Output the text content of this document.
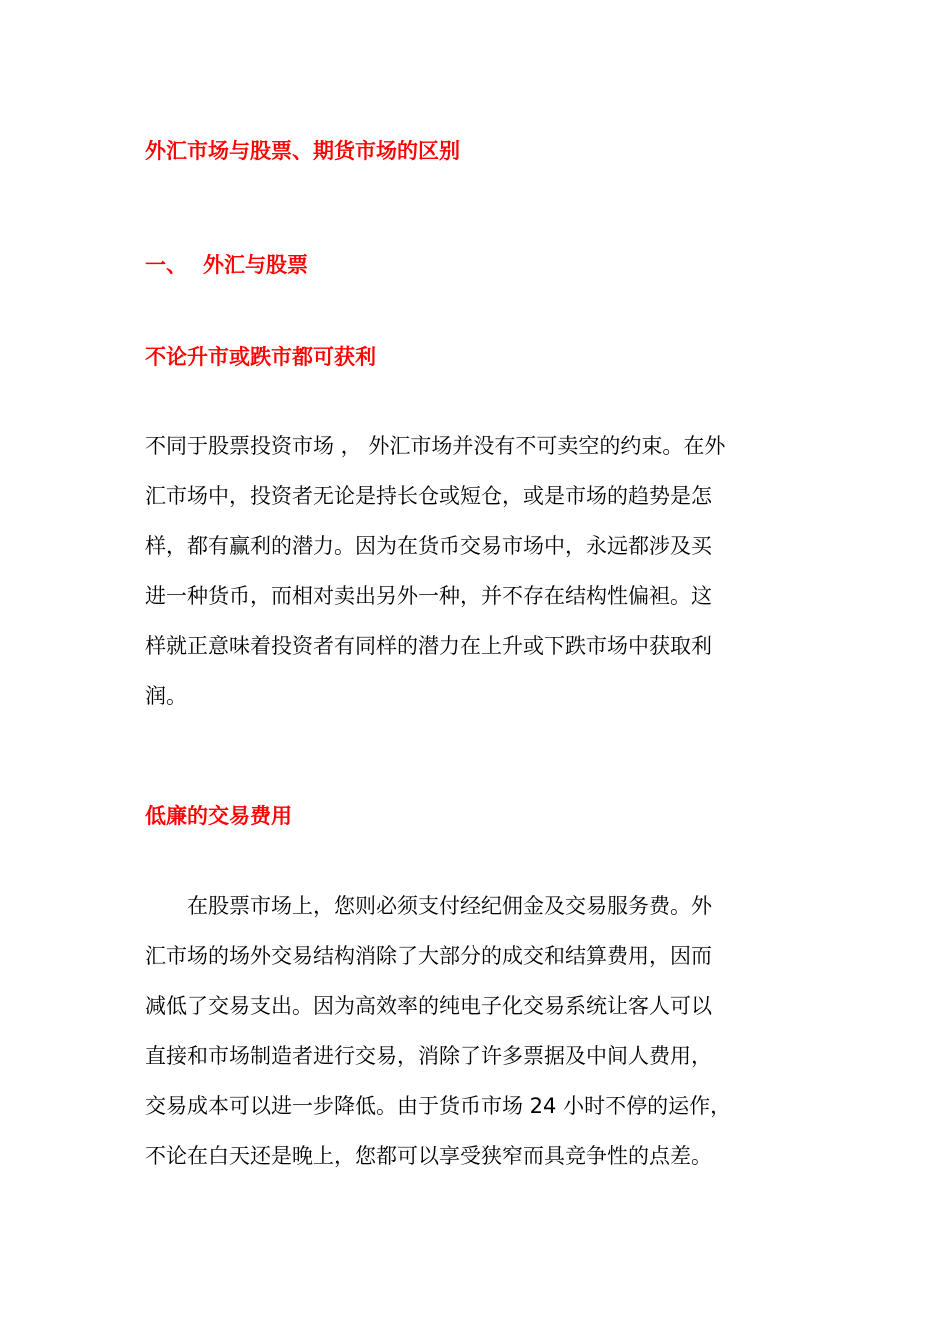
外汇市场与股票、期货市场的区别
一、 外汇与股票
不论升市或跌市都可获利
不同于股票投资市场 ， 外汇市场并没有不可卖空的约束。在外
汇市场中，投资者无论是持长仓或短仓，或是市场的趋势是怎
样，都有赢利的潜力。因为在货币交易市场中，永远都涉及买
进一种货币，而相对卖出另外一种，并不存在结构性偏袒。这
样就正意味着投资者有同样的潜力在上升或下跌市场中获取利
润。
低廉的交易费用
　　在股票市场上，您则必须支付经纪佣金及交易服务费。外
汇市场的场外交易结构消除了大部分的成交和结算费用，因而
减低了交易支出。因为高效率的纯电子化交易系统让客人可以
直接和市场制造者进行交易，消除了许多票据及中间人费用，
交易成本可以进一步降低。由于货币市场 24 小时不停的运作，
不论在白天还是晚上，您都可以享受狭窄而具竞争性的点差。
